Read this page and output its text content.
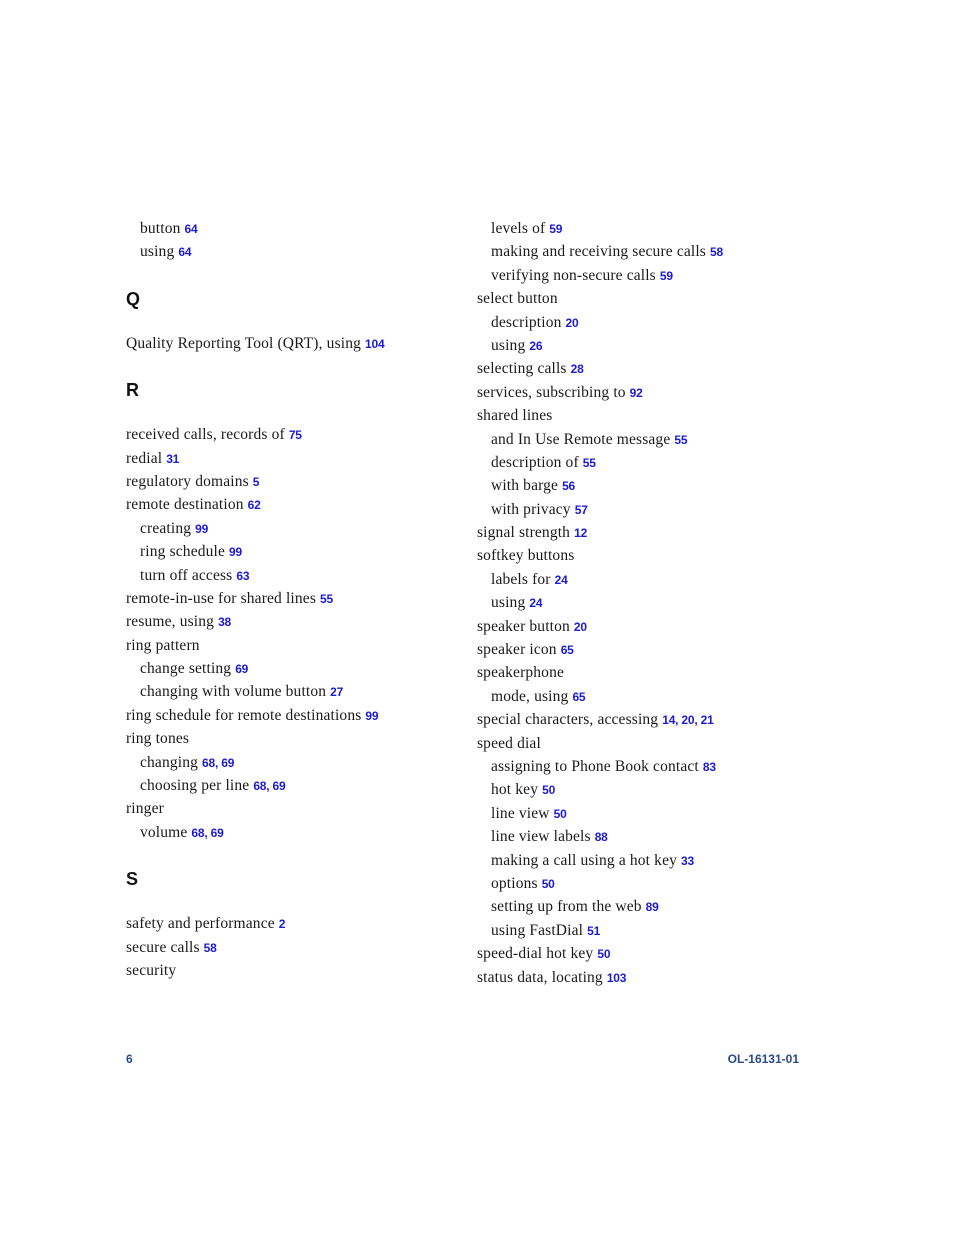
button 64
using 64
Q
Quality Reporting Tool (QRT), using 104
R
received calls, records of 75
redial 31
regulatory domains 5
remote destination 62
creating 99
ring schedule 99
turn off access 63
remote-in-use for shared lines 55
resume, using 38
ring pattern
change setting 69
changing with volume button 27
ring schedule for remote destinations 99
ring tones
changing 68, 69
choosing per line 68, 69
ringer
volume 68, 69
S
safety and performance 2
secure calls 58
security
levels of 59
making and receiving secure calls 58
verifying non-secure calls 59
select button
description 20
using 26
selecting calls 28
services, subscribing to 92
shared lines
and In Use Remote message 55
description of 55
with barge 56
with privacy 57
signal strength 12
softkey buttons
labels for 24
using 24
speaker button 20
speaker icon 65
speakerphone
mode, using 65
special characters, accessing 14, 20, 21
speed dial
assigning to Phone Book contact 83
hot key 50
line view 50
line view labels 88
making a call using a hot key 33
options 50
setting up from the web 89
using FastDial 51
speed-dial hot key 50
status data, locating 103
6	OL-16131-01
